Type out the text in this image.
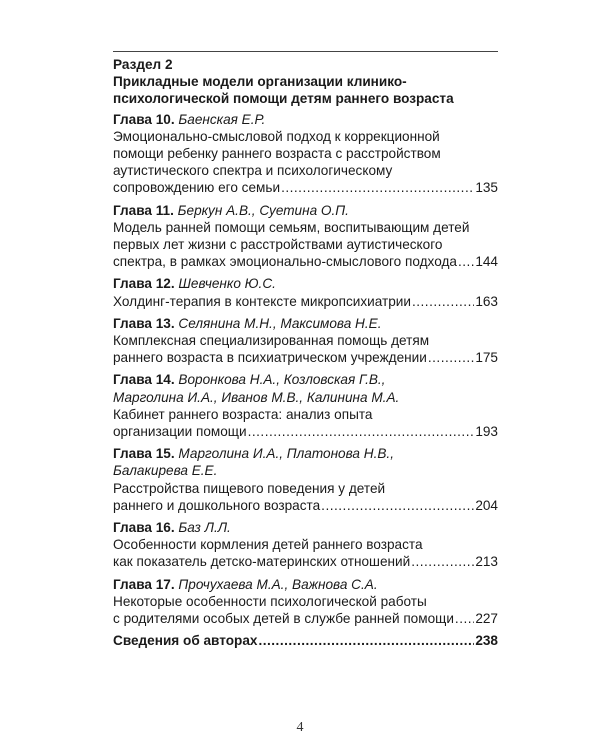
Раздел 2
Прикладные модели организации клинико-
психологической помощи детям раннего возраста
Глава 10. Баенская Е.Р.
Эмоционально-смысловой подход к коррекционной
помощи ребенку раннего возраста с расстройством
аутистического спектра и психологическому
сопровождению его семьи .....	135
Глава 11. Беркун А.В., Суетина О.П.
Модель ранней помощи семьям, воспитывающим детей
первых лет жизни с расстройствами аутистического
спектра, в рамках эмоционально-смыслового подхода ..... 144
Глава 12. Шевченко Ю.С.
Холдинг-терапия в контексте микропсихиатрии .....	163
Глава 13. Селянина М.Н., Максимова Н.Е.
Комплексная специализированная помощь детям
раннего возраста в психиатрическом учреждении .....	175
Глава 14. Воронкова Н.А., Козловская Г.В.,
Марголина И.А., Иванов М.В., Калинина М.А.
Кабинет раннего возраста: анализ опыта
организации помощи .....	193
Глава 15. Марголина И.А., Платонова Н.В.,
Балакирева Е.Е.
Расстройства пищевого поведения у детей
раннего и дошкольного возраста .....	204
Глава 16. Баз Л.Л.
Особенности кормления детей раннего возраста
как показатель детско-материнских отношений .....	213
Глава 17. Прочухаева М.А., Важнова С.А.
Некоторые особенности психологической работы
с родителями особых детей в службе ранней помощи ..... 227
Сведения об авторах .....	238
4
